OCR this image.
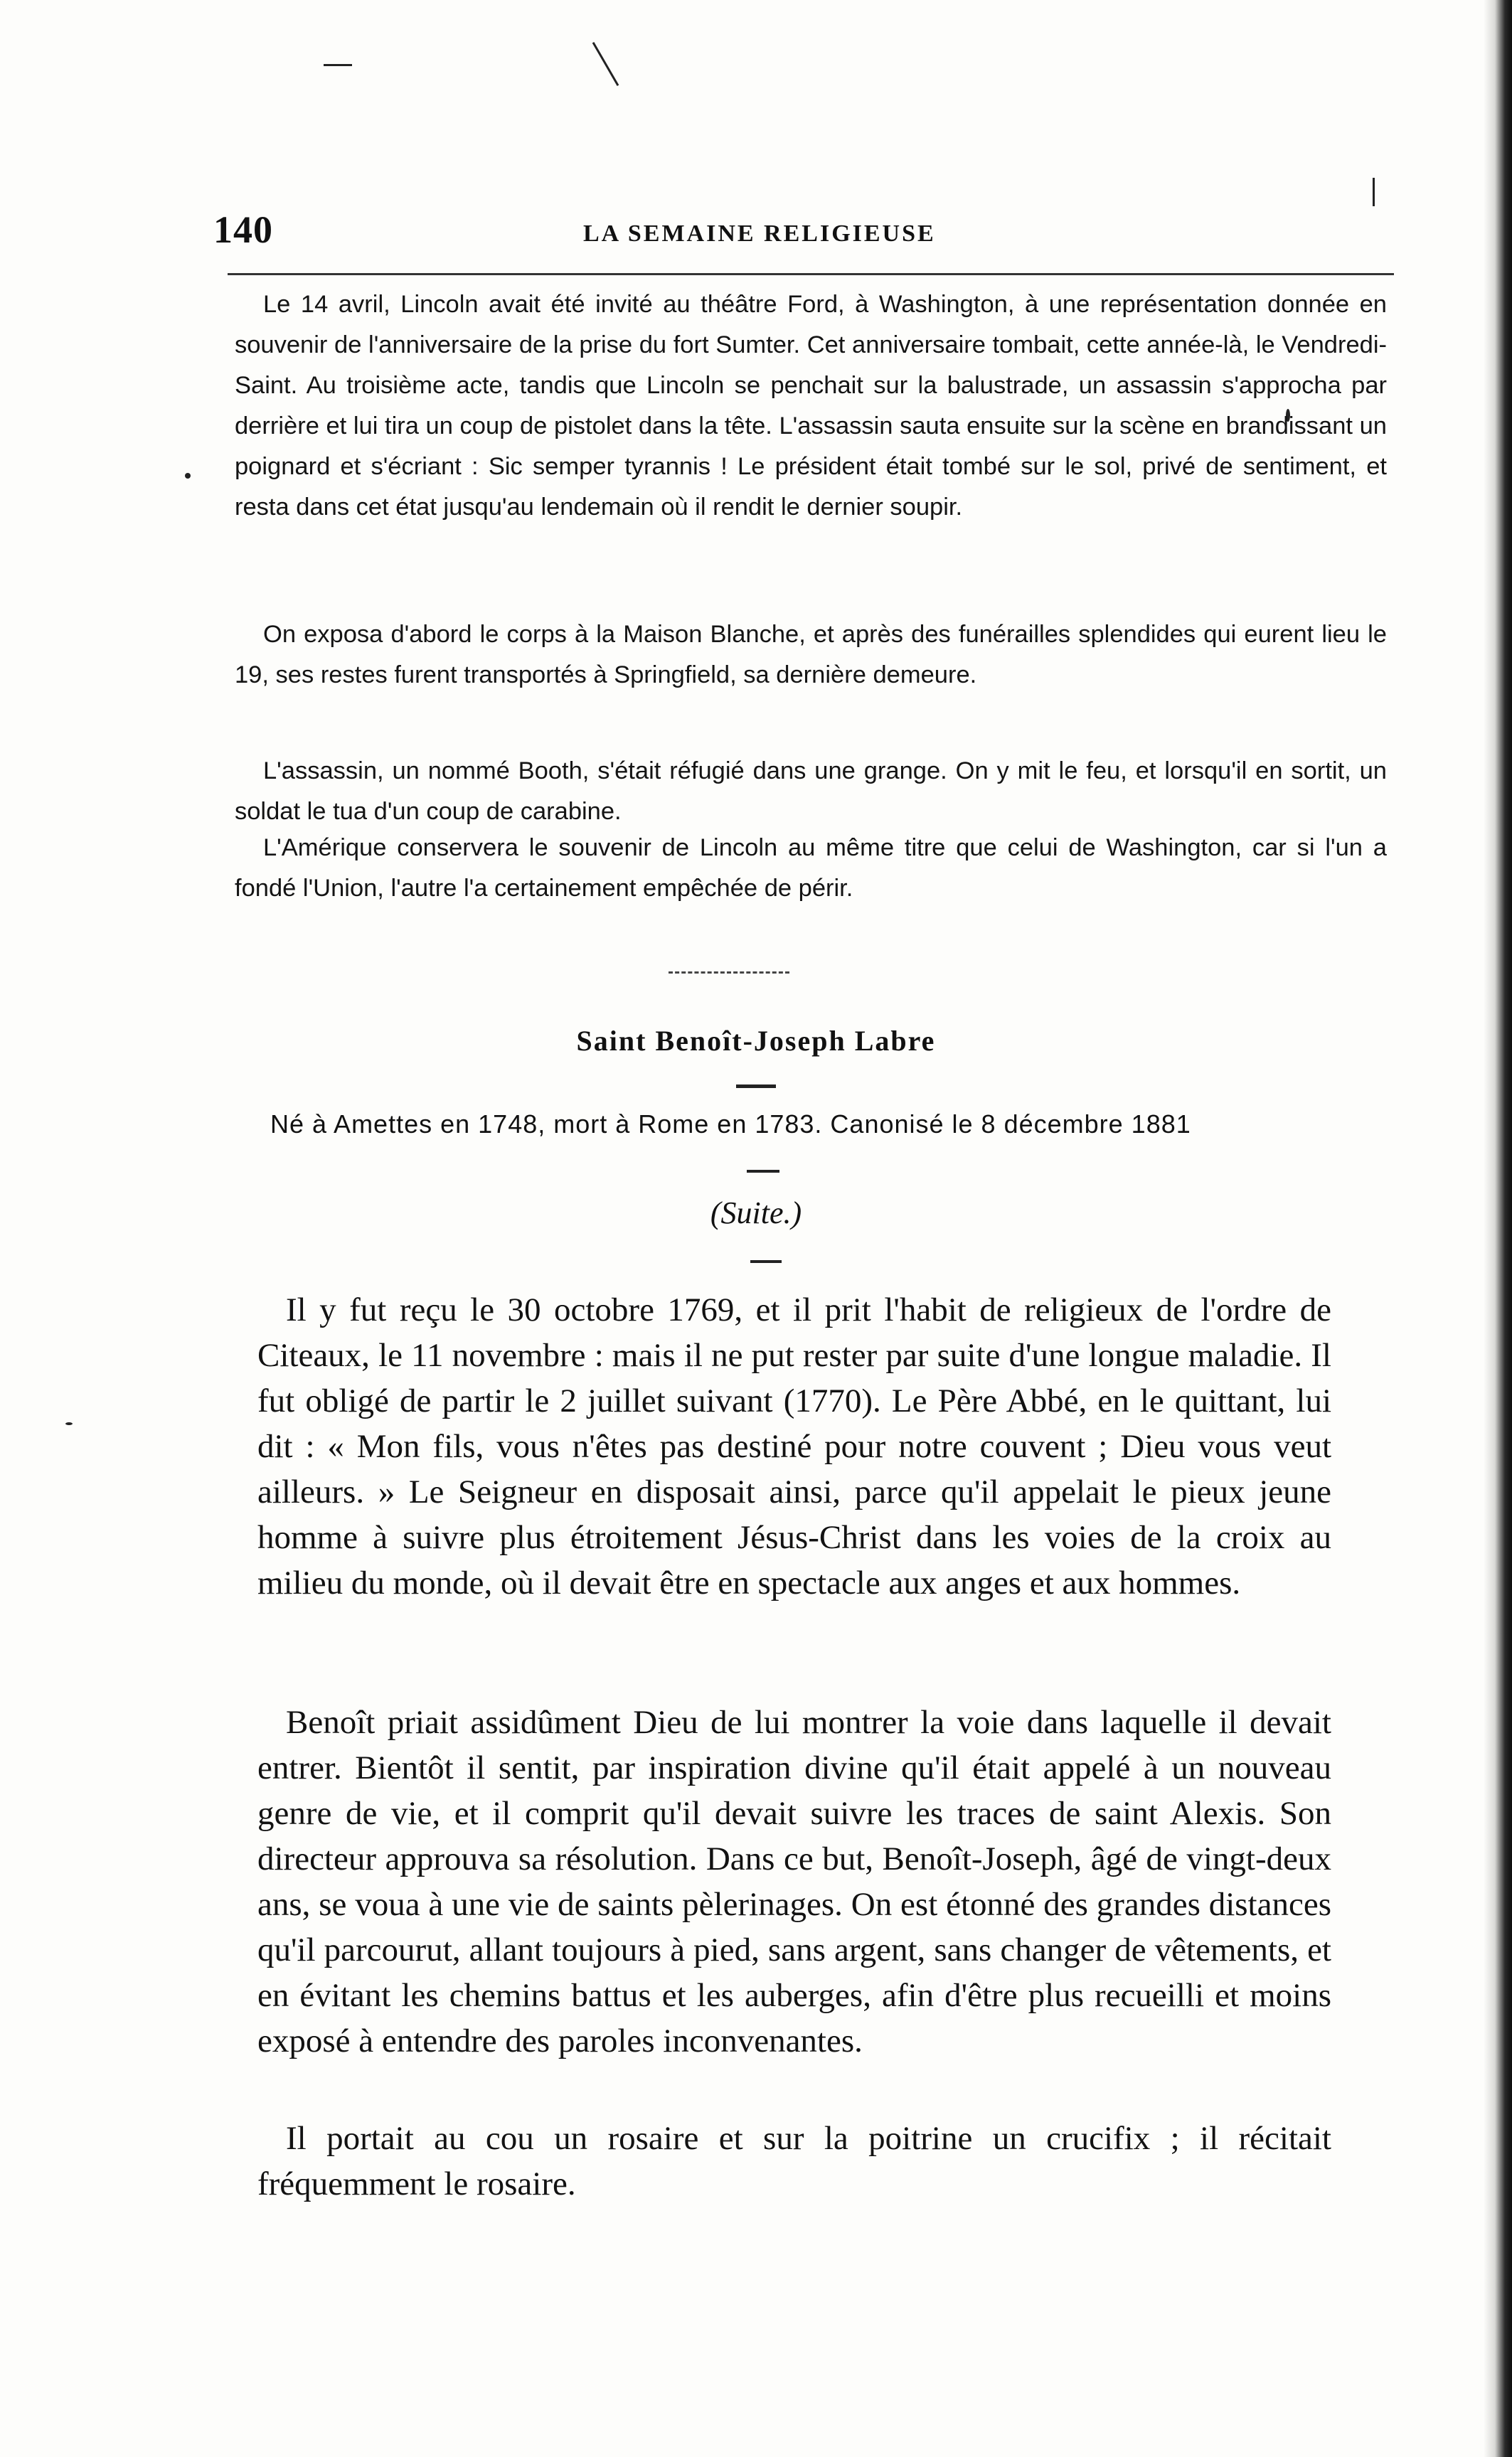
140	LA SEMAINE RELIGIEUSE

Le 14 avril, Lincoln avait été invité au théâtre Ford, à Washington, à une représentation donnée en souvenir de l'anniversaire de la prise du fort Sumter. Cet anniversaire tombait, cette année-là, le Vendredi-Saint. Au troisième acte, tandis que Lincoln se penchait sur la balustrade, un assassin s'approcha par derrière et lui tira un coup de pistolet dans la tête. L'assassin sauta ensuite sur la scène en brandissant un poignard et s'écriant : Sic semper tyrannis ! Le président était tombé sur le sol, privé de sentiment, et resta dans cet état jusqu'au lendemain où il rendit le dernier soupir.

On exposa d'abord le corps à la Maison Blanche, et après des funérailles splendides qui eurent lieu le 19, ses restes furent transportés à Springfield, sa dernière demeure.

L'assassin, un nommé Booth, s'était réfugié dans une grange. On y mit le feu, et lorsqu'il en sortit, un soldat le tua d'un coup de carabine.

L'Amérique conservera le souvenir de Lincoln au même titre que celui de Washington, car si l'un a fondé l'Union, l'autre l'a certainement empêchée de périr.

Saint Benoît-Joseph Labre
Né à Amettes en 1748, mort à Rome en 1783. Canonisé le 8 décembre 1881
(Suite.)

Il y fut reçu le 30 octobre 1769, et il prit l'habit de religieux de l'ordre de Citeaux, le 11 novembre : mais il ne put rester par suite d'une longue maladie. Il fut obligé de partir le 2 juillet suivant (1770). Le Père Abbé, en le quittant, lui dit : « Mon fils, vous n'êtes pas destiné pour notre couvent ; Dieu vous veut ailleurs. » Le Seigneur en disposait ainsi, parce qu'il appelait le pieux jeune homme à suivre plus étroitement Jésus-Christ dans les voies de la croix au milieu du monde, où il devait être en spectacle aux anges et aux hommes.

Benoît priait assidûment Dieu de lui montrer la voie dans laquelle il devait entrer. Bientôt il sentit, par inspiration divine qu'il était appelé à un nouveau genre de vie, et il comprit qu'il devait suivre les traces de saint Alexis. Son directeur approuva sa résolution. Dans ce but, Benoît-Joseph, âgé de vingt-deux ans, se voua à une vie de saints pèlerinages. On est étonné des grandes distances qu'il parcourut, allant toujours à pied, sans argent, sans changer de vêtements, et en évitant les chemins battus et les auberges, afin d'être plus recueilli et moins exposé à entendre des paroles inconvenantes.

Il portait au cou un rosaire et sur la poitrine un crucifix ; il récitait fréquemment le rosaire.
